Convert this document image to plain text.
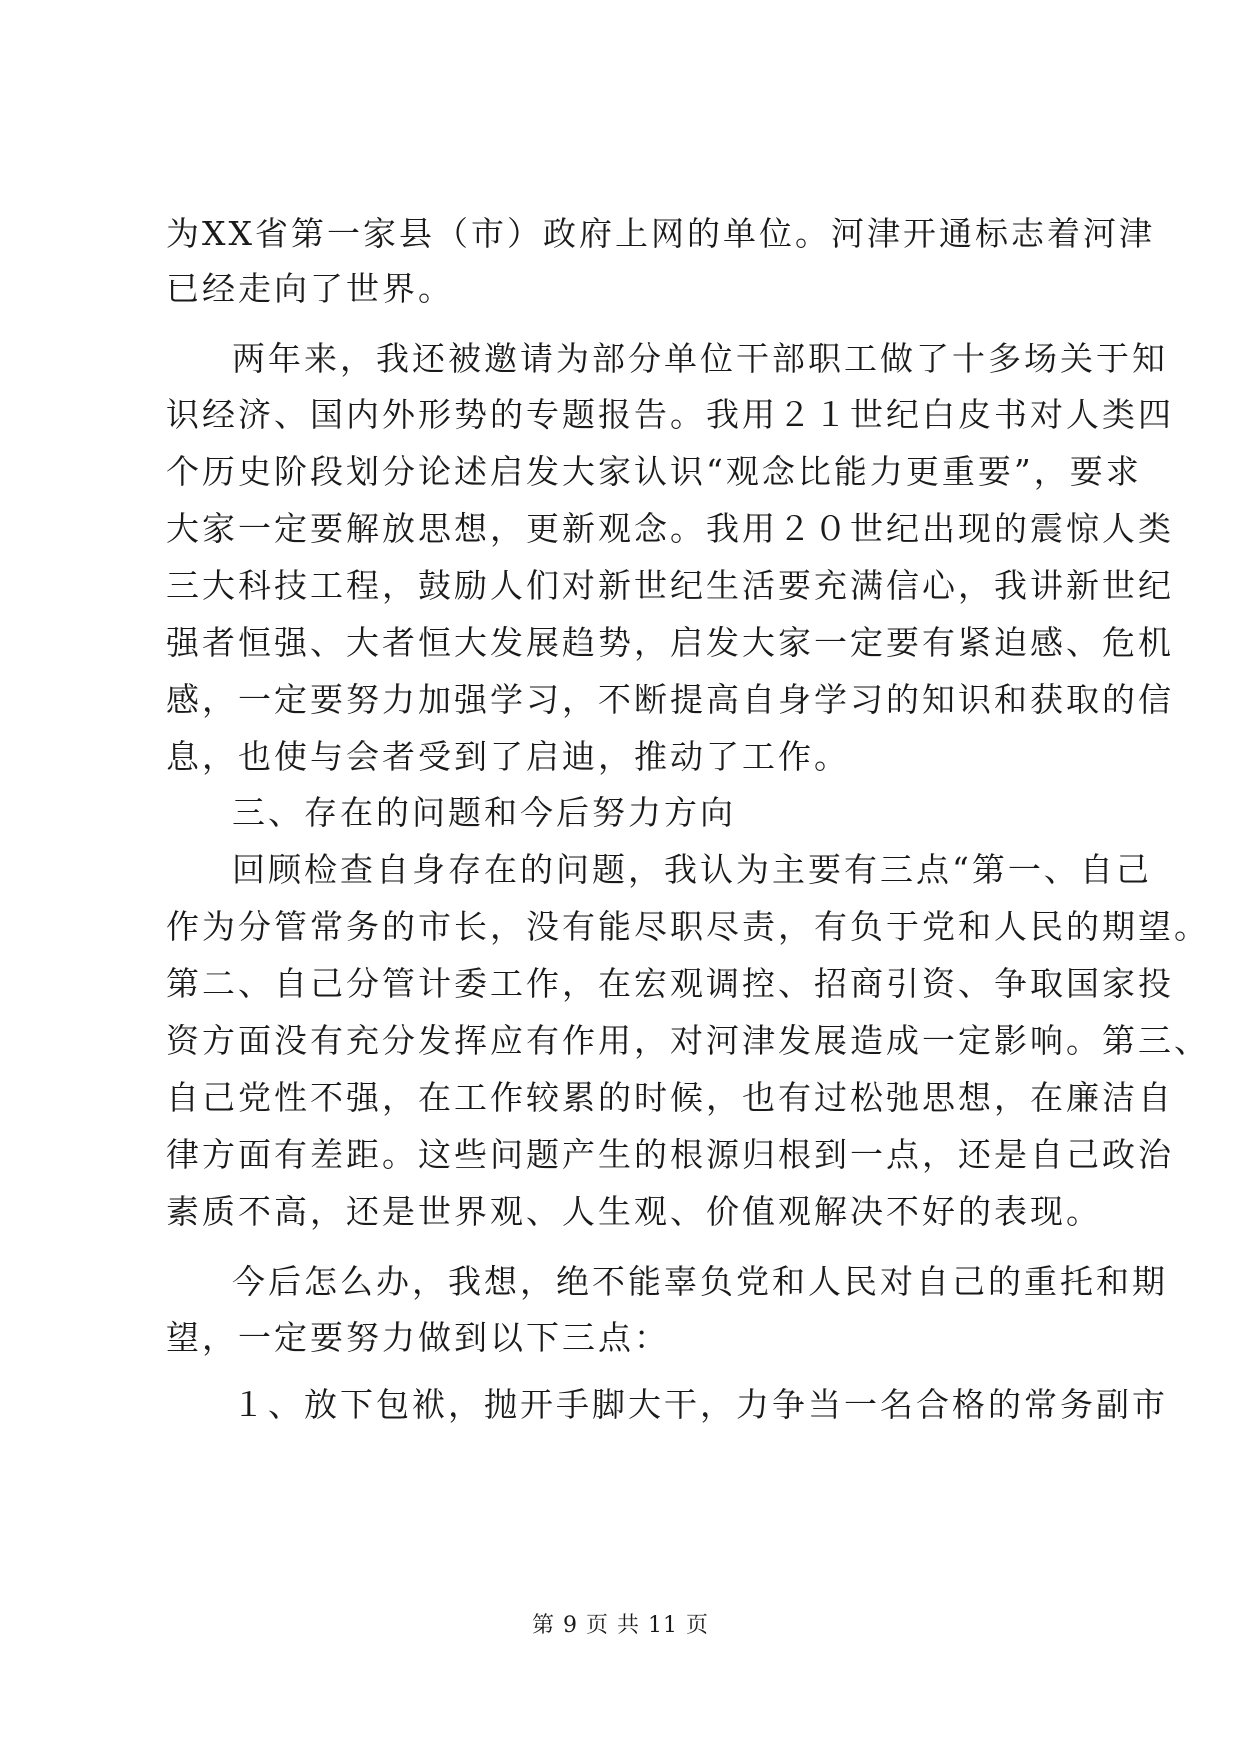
为XX省第一家县（市）政府上网的单位。河津开通标志着河津
已经走向了世界。
两年来，我还被邀请为部分单位干部职工做了十多场关于知
识经济、国内外形势的专题报告。我用２１世纪白皮书对人类四
个历史阶段划分论述启发大家认识“观念比能力更重要”，要求
大家一定要解放思想，更新观念。我用２０世纪出现的震惊人类
三大科技工程，鼓励人们对新世纪生活要充满信心，我讲新世纪
强者恒强、大者恒大发展趋势，启发大家一定要有紧迫感、危机
感，一定要努力加强学习，不断提高自身学习的知识和获取的信
息，也使与会者受到了启迪，推动了工作。
三、存在的问题和今后努力方向
回顾检查自身存在的问题，我认为主要有三点“第一、自己
作为分管常务的市长，没有能尽职尽责，有负于党和人民的期望。
第二、自己分管计委工作，在宏观调控、招商引资、争取国家投
资方面没有充分发挥应有作用，对河津发展造成一定影响。第三、
自己党性不强，在工作较累的时候，也有过松弛思想，在廉洁自
律方面有差距。这些问题产生的根源归根到一点，还是自己政治
素质不高，还是世界观、人生观、价值观解决不好的表现。
今后怎么办，我想，绝不能辜负党和人民对自己的重托和期
望，一定要努力做到以下三点：
１、放下包袱，抛开手脚大干，力争当一名合格的常务副市
第 9 页 共 11 页
